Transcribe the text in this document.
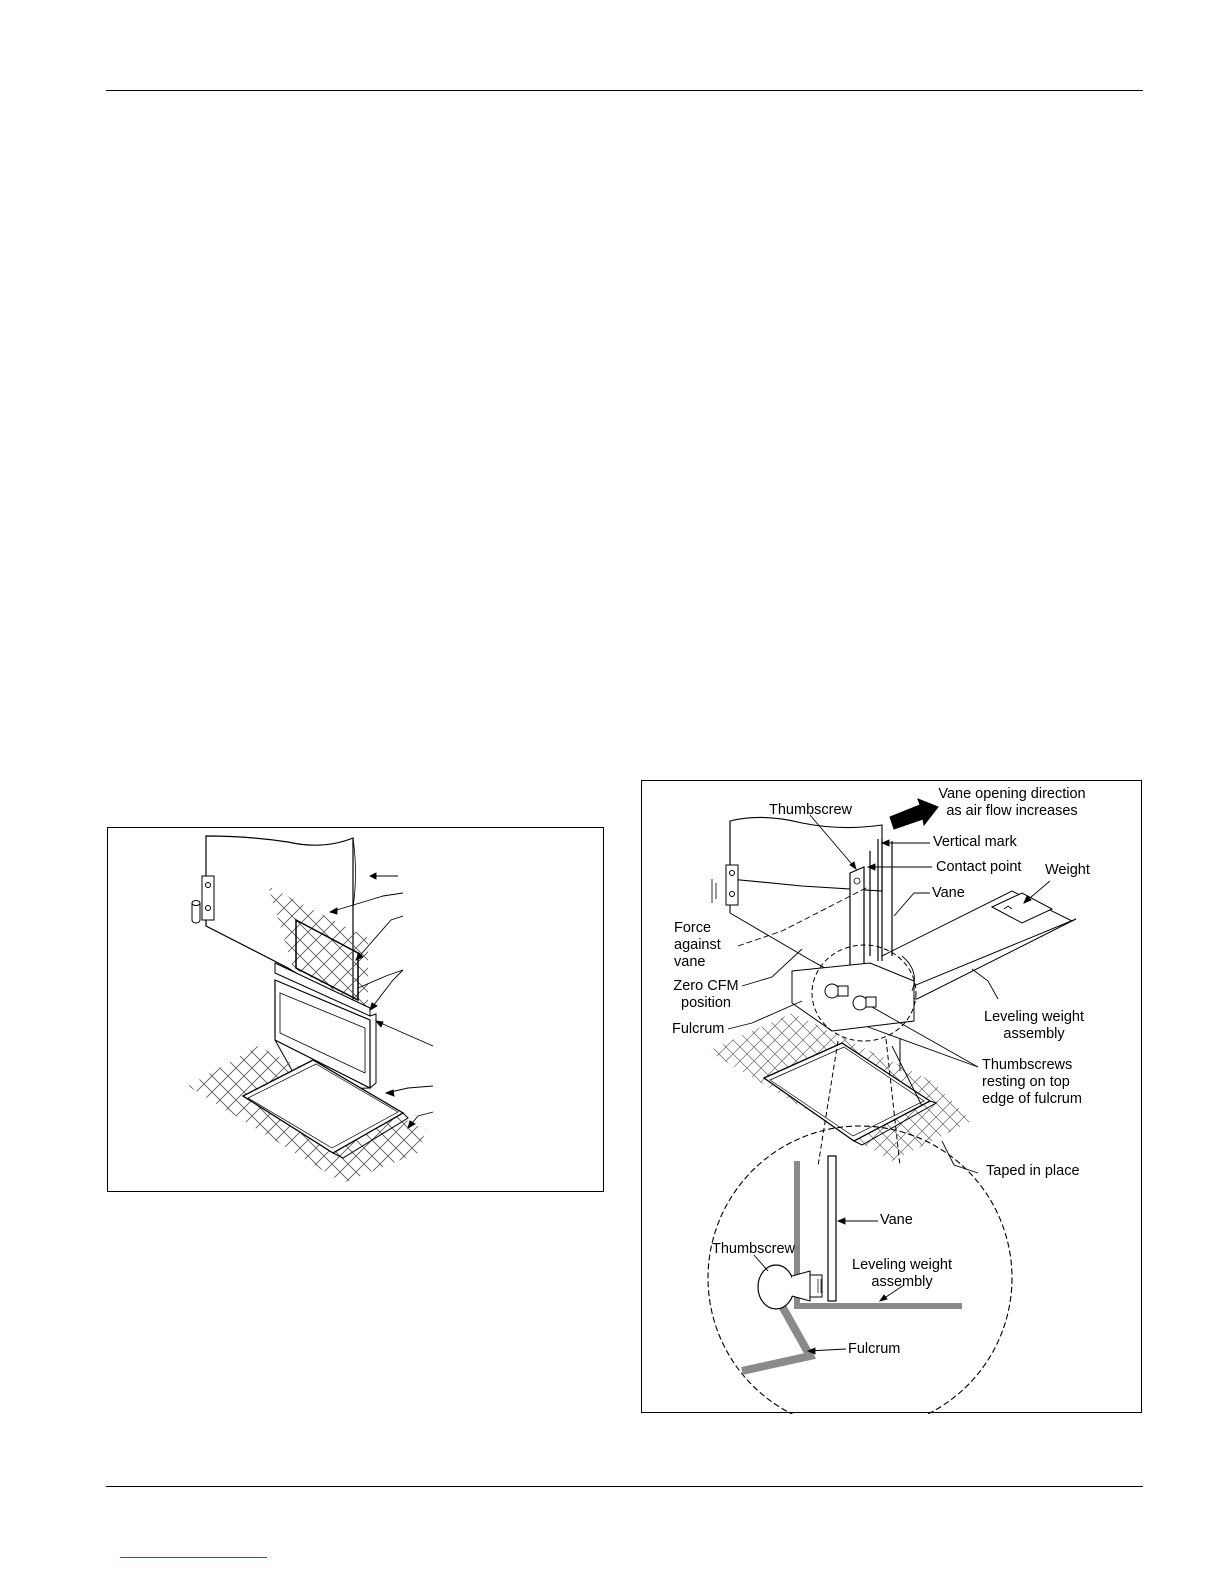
Thumbscrew
Vane opening direction
as air flow increases
Vertical mark
Contact point Weight
Vane
Force
against
vane
Zero CFM
position
Fulcrum
Leveling weight
assembly
Thumbscrews
resting on top
edge of fulcrum
Taped in place
Vane
Thumbscrew
Leveling weight
assembly
Fulcrum
